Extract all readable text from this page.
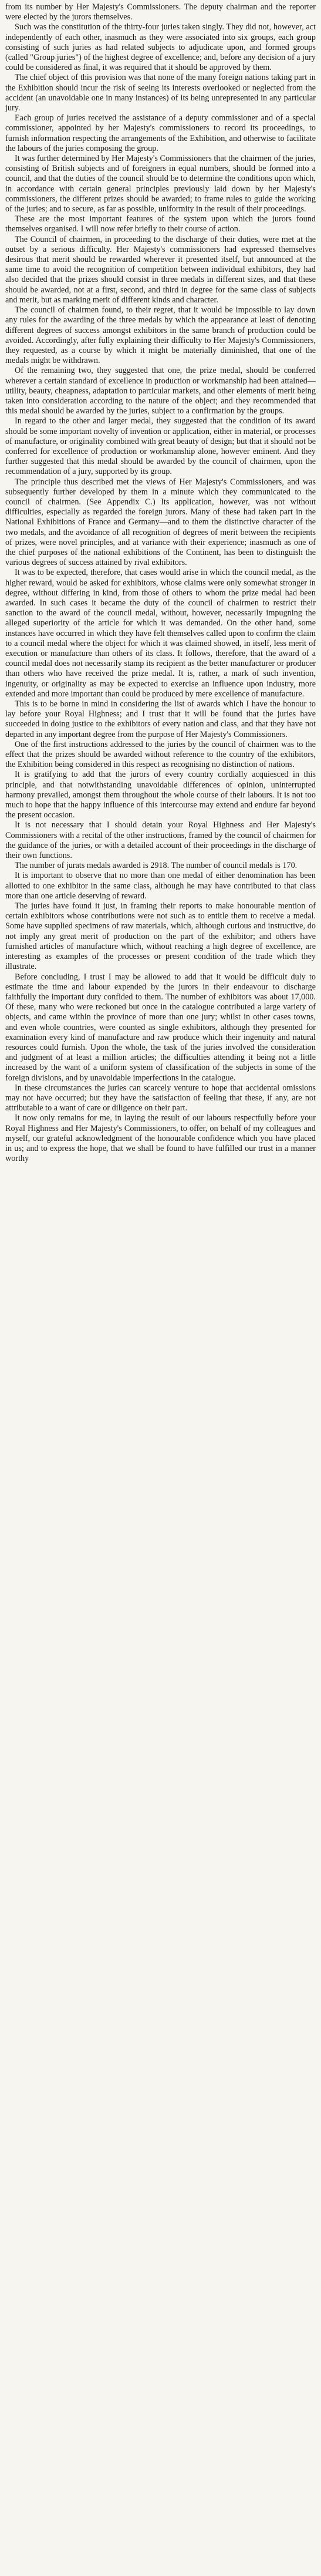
from its number by Her Majesty's Commissioners. The deputy chairman and the reporter were elected by the jurors themselves.

Such was the constitution of the thirty-four juries taken singly. They did not, however, act independently of each other, inasmuch as they were associated into six groups, each group consisting of such juries as had related subjects to adjudicate upon, and formed groups (called "Group juries") of the highest degree of excellence; and, before any decision of a jury could be considered as final, it was required that it should be approved by them.

The chief object of this provision was that none of the many foreign nations taking part in the Exhibition should incur the risk of seeing its interests overlooked or neglected from the accident (an unavoidable one in many instances) of its being unrepresented in any particular jury.

Each group of juries received the assistance of a deputy commissioner and of a special commissioner, appointed by her Majesty's commissioners to record its proceedings, to furnish information respecting the arrangements of the Exhibition, and otherwise to facilitate the labours of the juries composing the group.

It was further determined by Her Majesty's Commissioners that the chairmen of the juries, consisting of British subjects and of foreigners in equal numbers, should be formed into a council, and that the duties of the council should be to determine the conditions upon which, in accordance with certain general principles previously laid down by her Majesty's commissioners, the different prizes should be awarded; to frame rules to guide the working of the juries; and to secure, as far as possible, uniformity in the result of their proceedings.

These are the most important features of the system upon which the jurors found themselves organised. I will now refer briefly to their course of action.

The Council of chairmen, in proceeding to the discharge of their duties, were met at the outset by a serious difficulty. Her Majesty's commissioners had expressed themselves desirous that merit should be rewarded wherever it presented itself, but announced at the same time to avoid the recognition of competition between individual exhibitors, they had also decided that the prizes should consist in three medals in different sizes, and that these should be awarded, not at a first, second, and third in degree for the same class of subjects and merit, but as marking merit of different kinds and character.

The council of chairmen found, to their regret, that it would be impossible to lay down any rules for the awarding of the three medals by which the appearance at least of denoting different degrees of success amongst exhibitors in the same branch of production could be avoided. Accordingly, after fully explaining their difficulty to Her Majesty's Commissioners, they requested, as a course by which it might be materially diminished, that one of the medals might be withdrawn.

Of the remaining two, they suggested that one, the prize medal, should be conferred wherever a certain standard of excellence in production or workmanship had been attained—utility, beauty, cheapness, adaptation to particular markets, and other elements of merit being taken into consideration according to the nature of the object; and they recommended that this medal should be awarded by the juries, subject to a confirmation by the groups.

In regard to the other and larger medal, they suggested that the condition of its award should be some important novelty of invention or application, either in material, or processes of manufacture, or originality combined with great beauty of design; but that it should not be conferred for excellence of production or workmanship alone, however eminent. And they further suggested that this medal should be awarded by the council of chairmen, upon the recommendation of a jury, supported by its group.

The principle thus described met the views of Her Majesty's Commissioners, and was subsequently further developed by them in a minute which they communicated to the council of chairmen. (See Appendix C.) Its application, however, was not without difficulties, especially as regarded the foreign jurors. Many of these had taken part in the National Exhibitions of France and Germany—and to them the distinctive character of the two medals, and the avoidance of all recognition of degrees of merit between the recipients of prizes, were novel principles, and at variance with their experience; inasmuch as one of the chief purposes of the national exhibitions of the Continent, has been to distinguish the various degrees of success attained by rival exhibitors.

It was to be expected, therefore, that cases would arise in which the council medal, as the higher reward, would be asked for exhibitors, whose claims were only somewhat stronger in degree, without differing in kind, from those of others to whom the prize medal had been awarded. In such cases it became the duty of the council of chairmen to restrict their sanction to the award of the council medal, without, however, necessarily impugning the alleged superiority of the article for which it was demanded. On the other hand, some instances have occurred in which they have felt themselves called upon to confirm the claim to a council medal where the object for which it was claimed showed, in itself, less merit of execution or manufacture than others of its class. It follows, therefore, that the award of a council medal does not necessarily stamp its recipient as the better manufacturer or producer than others who have received the prize medal. It is, rather, a mark of such invention, ingenuity, or originality as may be expected to exercise an influence upon industry, more extended and more important than could be produced by mere excellence of manufacture.

This is to be borne in mind in considering the list of awards which I have the honour to lay before your Royal Highness; and I trust that it will be found that the juries have succeeded in doing justice to the exhibitors of every nation and class, and that they have not departed in any important degree from the purpose of Her Majesty's Commissioners.

One of the first instructions addressed to the juries by the council of chairmen was to the effect that the prizes should be awarded without reference to the country of the exhibitors, the Exhibition being considered in this respect as recognising no distinction of nations.

It is gratifying to add that the jurors of every country cordially acquiesced in this principle, and that notwithstanding unavoidable differences of opinion, uninterrupted harmony prevailed, amongst them throughout the whole course of their labours. It is not too much to hope that the happy influence of this intercourse may extend and endure far beyond the present occasion.

It is not necessary that I should detain your Royal Highness and Her Majesty's Commissioners with a recital of the other instructions, framed by the council of chairmen for the guidance of the juries, or with a detailed account of their proceedings in the discharge of their own functions.

The number of jurats medals awarded is 2918. The number of council medals is 170.

It is important to observe that no more than one medal of either denomination has been allotted to one exhibitor in the same class, although he may have contributed to that class more than one article deserving of reward.

The juries have found it just, in framing their reports to make honourable mention of certain exhibitors whose contributions were not such as to entitle them to receive a medal. Some have supplied specimens of raw materials, which, although curious and instructive, do not imply any great merit of production on the part of the exhibitor; and others have furnished articles of manufacture which, without reaching a high degree of excellence, are interesting as examples of the processes or present condition of the trade which they illustrate.

Before concluding, I trust I may be allowed to add that it would be difficult duly to estimate the time and labour expended by the jurors in their endeavour to discharge faithfully the important duty confided to them. The number of exhibitors was about 17,000. Of these, many who were reckoned but once in the catalogue contributed a large variety of objects, and came within the province of more than one jury; whilst in other cases towns, and even whole countries, were counted as single exhibitors, although they presented for examination every kind of manufacture and raw produce which their ingenuity and natural resources could furnish. Upon the whole, the task of the juries involved the consideration and judgment of at least a million articles; the difficulties attending it being not a little increased by the want of a uniform system of classification of the subjects in some of the foreign divisions, and by unavoidable imperfections in the catalogue.

In these circumstances the juries can scarcely venture to hope that accidental omissions may not have occurred; but they have the satisfaction of feeling that these, if any, are not attributable to a want of care or diligence on their part.

It now only remains for me, in laying the result of our labours respectfully before your Royal Highness and Her Majesty's Commissioners, to offer, on behalf of my colleagues and myself, our grateful acknowledgment of the honourable confidence which you have placed in us; and to express the hope, that we shall be found to have fulfilled our trust in a manner worthy
